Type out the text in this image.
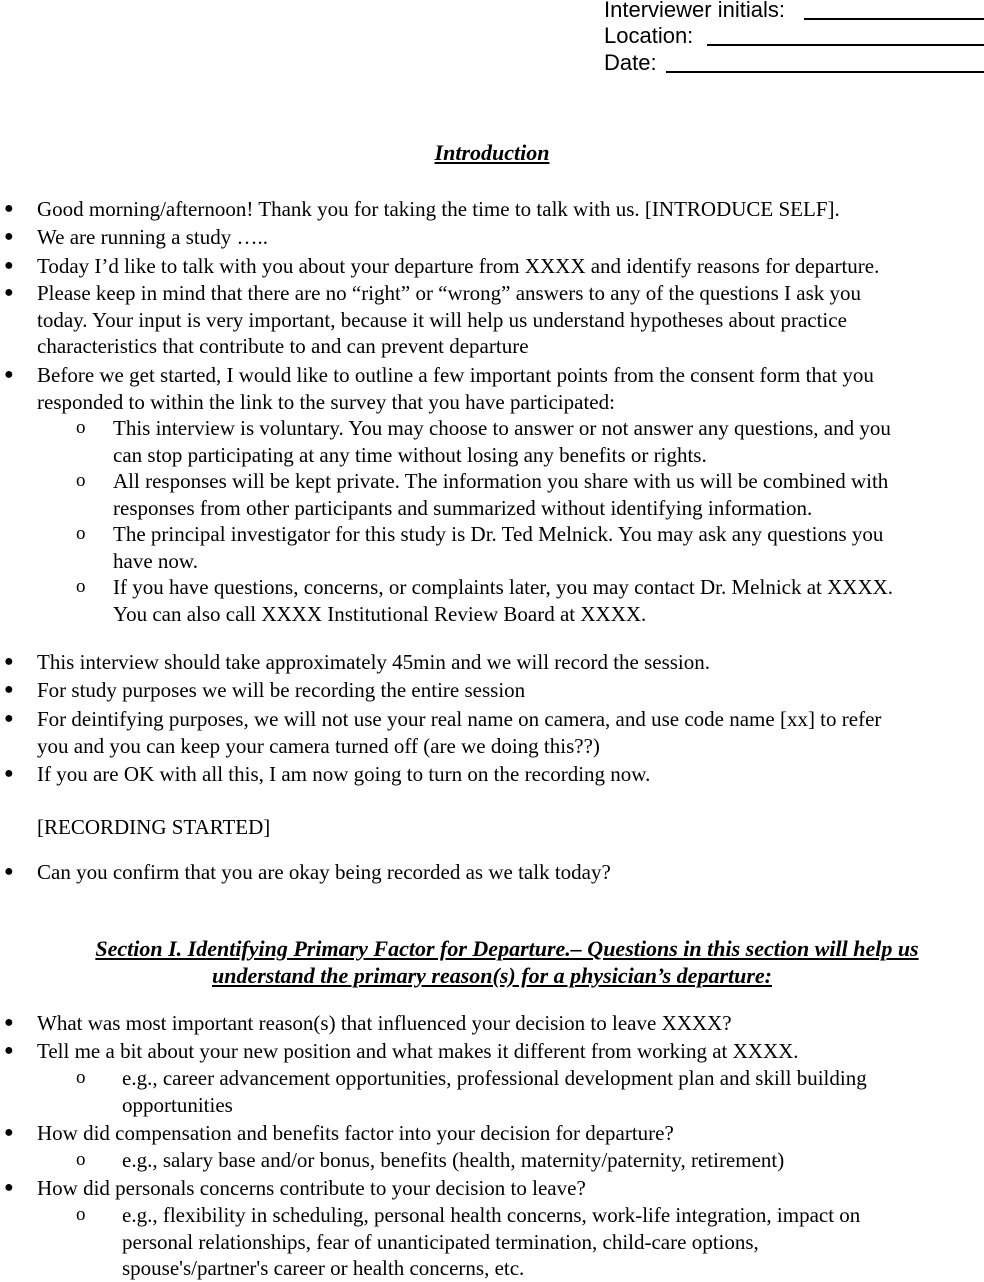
Interviewer initials:
Location:
Date:
Introduction
● Good morning/afternoon! Thank you for taking the time to talk with us. [INTRODUCE SELF].
● We are running a study …..
● Today I’d like to talk with you about your departure from XXXX and identify reasons for departure.
● Please keep in mind that there are no “right” or “wrong” answers to any of the questions I ask you
today. Your input is very important, because it will help us understand hypotheses about practice
characteristics that contribute to and can prevent departure
● Before we get started, I would like to outline a few important points from the consent form that you
responded to within the link to the survey that you have participated:
o This interview is voluntary. You may choose to answer or not answer any questions, and you
can stop participating at any time without losing any benefits or rights.
o All responses will be kept private. The information you share with us will be combined with
responses from other participants and summarized without identifying information.
o The principal investigator for this study is Dr. Ted Melnick. You may ask any questions you
have now.
o If you have questions, concerns, or complaints later, you may contact Dr. Melnick at XXXX.
You can also call XXXX Institutional Review Board at XXXX.
● This interview should take approximately 45min and we will record the session.
● For study purposes we will be recording the entire session
● For deintifying purposes, we will not use your real name on camera, and use code name [xx] to refer
you and you can keep your camera turned off (are we doing this??)
● If you are OK with all this, I am now going to turn on the recording now.
[RECORDING STARTED]
● Can you confirm that you are okay being recorded as we talk today?
Section I. Identifying Primary Factor for Departure.– Questions in this section will help us
understand the primary reason(s) for a physician’s departure:
● What was most important reason(s) that influenced your decision to leave XXXX?
● Tell me a bit about your new position and what makes it different from working at XXXX.
o e.g., career advancement opportunities, professional development plan and skill building
opportunities
● How did compensation and benefits factor into your decision for departure?
o e.g., salary base and/or bonus, benefits (health, maternity/paternity, retirement)
● How did personals concerns contribute to your decision to leave?
o e.g., flexibility in scheduling, personal health concerns, work-life integration, impact on
personal relationships, fear of unanticipated termination, child-care options,
spouse's/partner's career or health concerns, etc.
